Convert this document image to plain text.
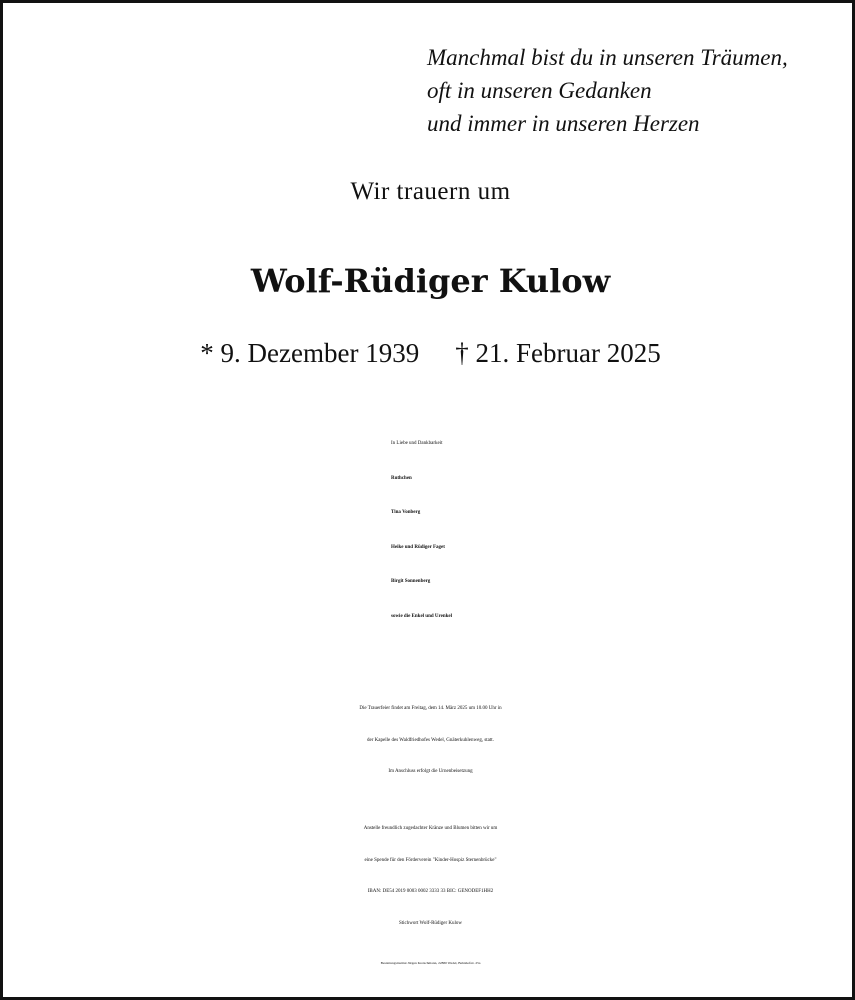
Manchmal bist du in unseren Träumen,
oft in unseren Gedanken
und immer in unseren Herzen
Wir trauern um
Wolf-Rüdiger Kulow
* 9. Dezember 1939 † 21. Februar 2025
In Liebe und Dankbarkeit
Ruthchen
Tina Vonberg
Heike und Rüdiger Faget
Birgit Sonnenberg
sowie die Enkel und Urenkel
Die Trauerfeier findet am Freitag, dem 14. März 2025 um 10.00 Uhr in
der Kapelle des Waldfriedhofes Wedel, Gnäterkuhlenweg, statt.
Im Anschluss erfolgt die Urnenbeisetzung
Anstelle freundlich zugedachter Kränze und Blumen bitten wir um
eine Spende für den Förderverein "Kinder-Hospiz Sternenbrücke"
IBAN: DE54 2019 0003 0002 3333 33 BIC: GENODEF1HH2
Stichwort Wolf-Rüdiger Kulow
Bestattungsinstitut Jürgen Kretschmann, 22880 Wedel, Bahnhofstr. 25a
